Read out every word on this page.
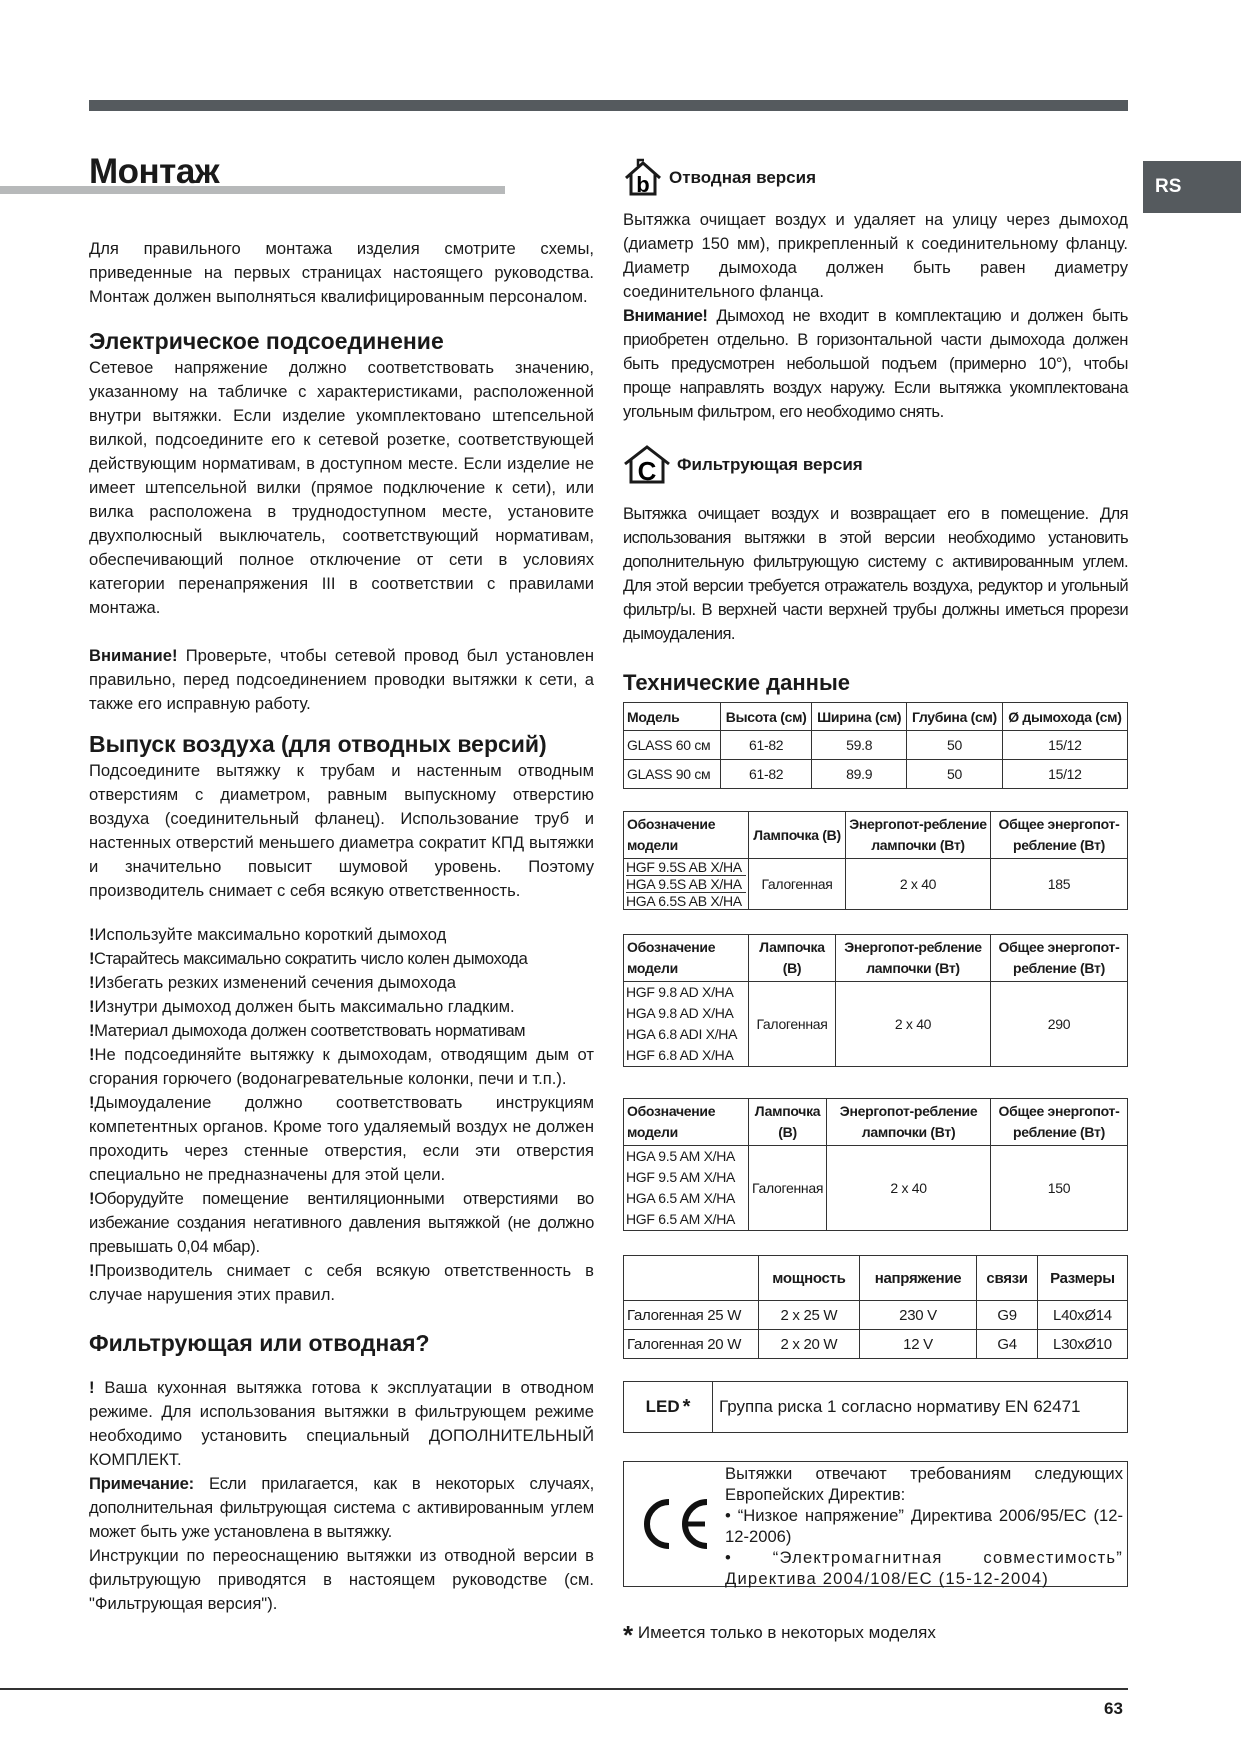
RS
Монтаж

Для правильного монтажа изделия смотрите схемы, приведенные на первых страницах настоящего руководства. Монтаж должен выполняться квалифицированным персоналом.

Электрическое подсоединение

Сетевое напряжение должно соответствовать значению, указанному на табличке с характеристиками, расположенной внутри вытяжки. Если изделие укомплектовано штепсельной вилкой, подсоедините его к сетевой розетке, соответствующей действующим нормативам, в доступном месте. Если изделие не имеет штепсельной вилки (прямое подключение к сети), или вилка расположена в труднодоступном месте, установите двухполюсный выключатель, соответствующий нормативам, обеспечивающий полное отключение от сети в условиях категории перенапряжения III в соответствии с правилами монтажа.

Внимание! Проверьте, чтобы сетевой провод был установлен правильно, перед подсоединением проводки вытяжки к сети, а также его исправную работу.

Выпуск воздуха (для отводных версий)

Подсоедините вытяжку к трубам и настенным отводным отверстиям с диаметром, равным выпускному отверстию воздуха (соединительный фланец). Использование труб и настенных отверстий меньшего диаметра сократит КПД вытяжки и значительно повысит шумовой уровень. Поэтому производитель снимает с себя всякую ответственность.

!Используйте максимально короткий дымоход

!Старайтесь максимально сократить число колен дымохода

!Избегать резких изменений сечения дымохода

!Изнутри дымоход должен быть максимально гладким.

!Материал дымохода должен соответствовать нормативам

!Не подсоединяйте вытяжку к дымоходам, отводящим дым от сгорания горючего (водонагревательные колонки, печи и т.п.).

!Дымоудаление должно соответствовать инструкциям компетентных органов. Кроме того удаляемый воздух не должен проходить через стенные отверстия, если эти отверстия специально не предназначены для этой цели.

!Оборудуйте помещение вентиляционными отверстиями во избежание создания негативного давления вытяжкой (не должно превышать 0,04 мбар).

!Производитель снимает с себя всякую ответственность в случае нарушения этих правил.

Фильтрующая или отводная?

! Ваша кухонная вытяжка готова к эксплуатации в отводном режиме. Для использования вытяжки в фильтрующем режиме необходимо установить специальный ДОПОЛНИТЕЛЬНЫЙ КОМПЛЕКТ.

Примечание: Если прилагается, как в некоторых случаях, дополнительная фильтрующая система с активированным углем может быть уже установлена в вытяжку.

Инструкции по переоснащению вытяжки из отводной версии в фильтрующую приводятся в настоящем руководстве (см. "Фильтрующая версия").

b Отводная версия

Вытяжка очищает воздух и удаляет на улицу через дымоход (диаметр 150 мм), прикрепленный к соединительному фланцу. Диаметр дымохода должен быть равен диаметру соединительного фланца.

Внимание! Дымоход не входит в комплектацию и должен быть приобретен отдельно. В горизонтальной части дымохода должен быть предусмотрен небольшой подъем (примерно 10°), чтобы проще направлять воздух наружу. Если вытяжка укомплектована угольным фильтром, его необходимо снять.

C Фильтрующая версия

Вытяжка очищает воздух и возвращает его в помещение. Для использования вытяжки в этой версии необходимо установить дополнительную фильтрующую систему с активированным углем. Для этой версии требуется отражатель воздуха, редуктор и угольный фильтр/ы. В верхней части верхней трубы должны иметься прорези дымоудаления.

Технические данные
Модель	Высота (см)	Ширина (см)	Глубина (см)	Ø дымохода (см)
GLASS 60 см	61-82	59.8	50	15/12
GLASS 90 см	61-82	89.9	50	15/12
Обозначение модели	Лампочка (В)	Энергопот-ребление лампочки (Вт)	Общее энергопот-ребление (Вт)

HGF 9.5S AB X/HA
HGA 9.5S AB X/HA
HGA 6.5S AB X/HA	Галогенная	2 x 40	185
Обозначение модели	Лампочка (В)	Энергопот-ребление лампочки (Вт)	Общее энергопот-ребление (Вт)

HGF 9.8 AD X/HA
HGA 9.8 AD X/HA
HGA 6.8 ADI X/HA
HGF 6.8 AD X/HA	Галогенная	2 x 40	290
Обозначение модели	Лампочка (В)	Энергопот-ребление лампочки (Вт)	Общее энергопот-ребление (Вт)

HGA 9.5 AM X/HA
HGF 9.5 AM X/HA
HGA 6.5 AM X/HA
HGF 6.5 AM X/HA	Галогенная	2 x 40	150
	мощность	напряжение	связи	Размеры
Галогенная 25 W	2 x 25 W	230 V	G9	L40xØ14
Галогенная 20 W	2 x 20 W	12 V	G4	L30xØ10
LED *	Группа риска 1 согласно нормативу EN 62471
Вытяжки отвечают требованиям следующих Европейских Директив:
• “Низкое напряжение” Директива 2006/95/EC (12-12-2006)
• “Электромагнитная совместимость” Директива 2004/108/EC (15-12-2004)
* Имеется только в некоторых моделях
63
